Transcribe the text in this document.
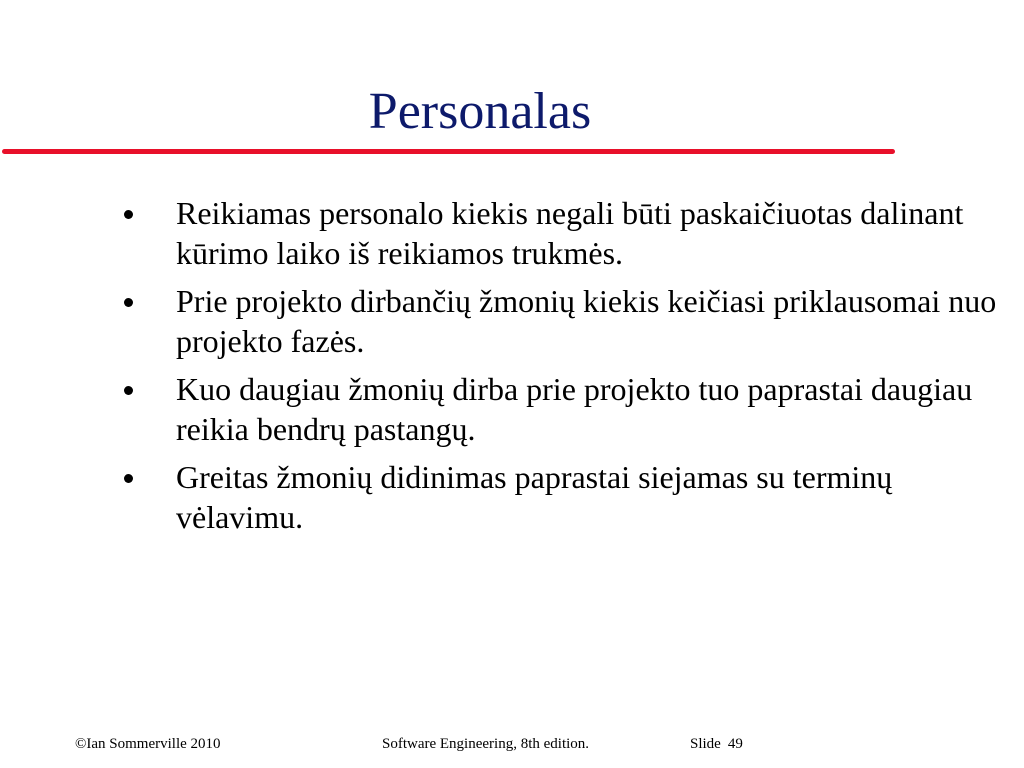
Personalas
Reikiamas personalo kiekis negali būti paskaičiuotas dalinant kūrimo laiko iš reikiamos trukmės.
Prie projekto dirbančių žmonių kiekis keičiasi priklausomai nuo projekto fazės.
Kuo daugiau žmonių dirba prie projekto tuo paprastai daugiau reikia bendrų pastangų.
Greitas žmonių didinimas paprastai siejamas su terminų vėlavimu.
©Ian Sommerville 2010	Software Engineering, 8th edition.	Slide 49
